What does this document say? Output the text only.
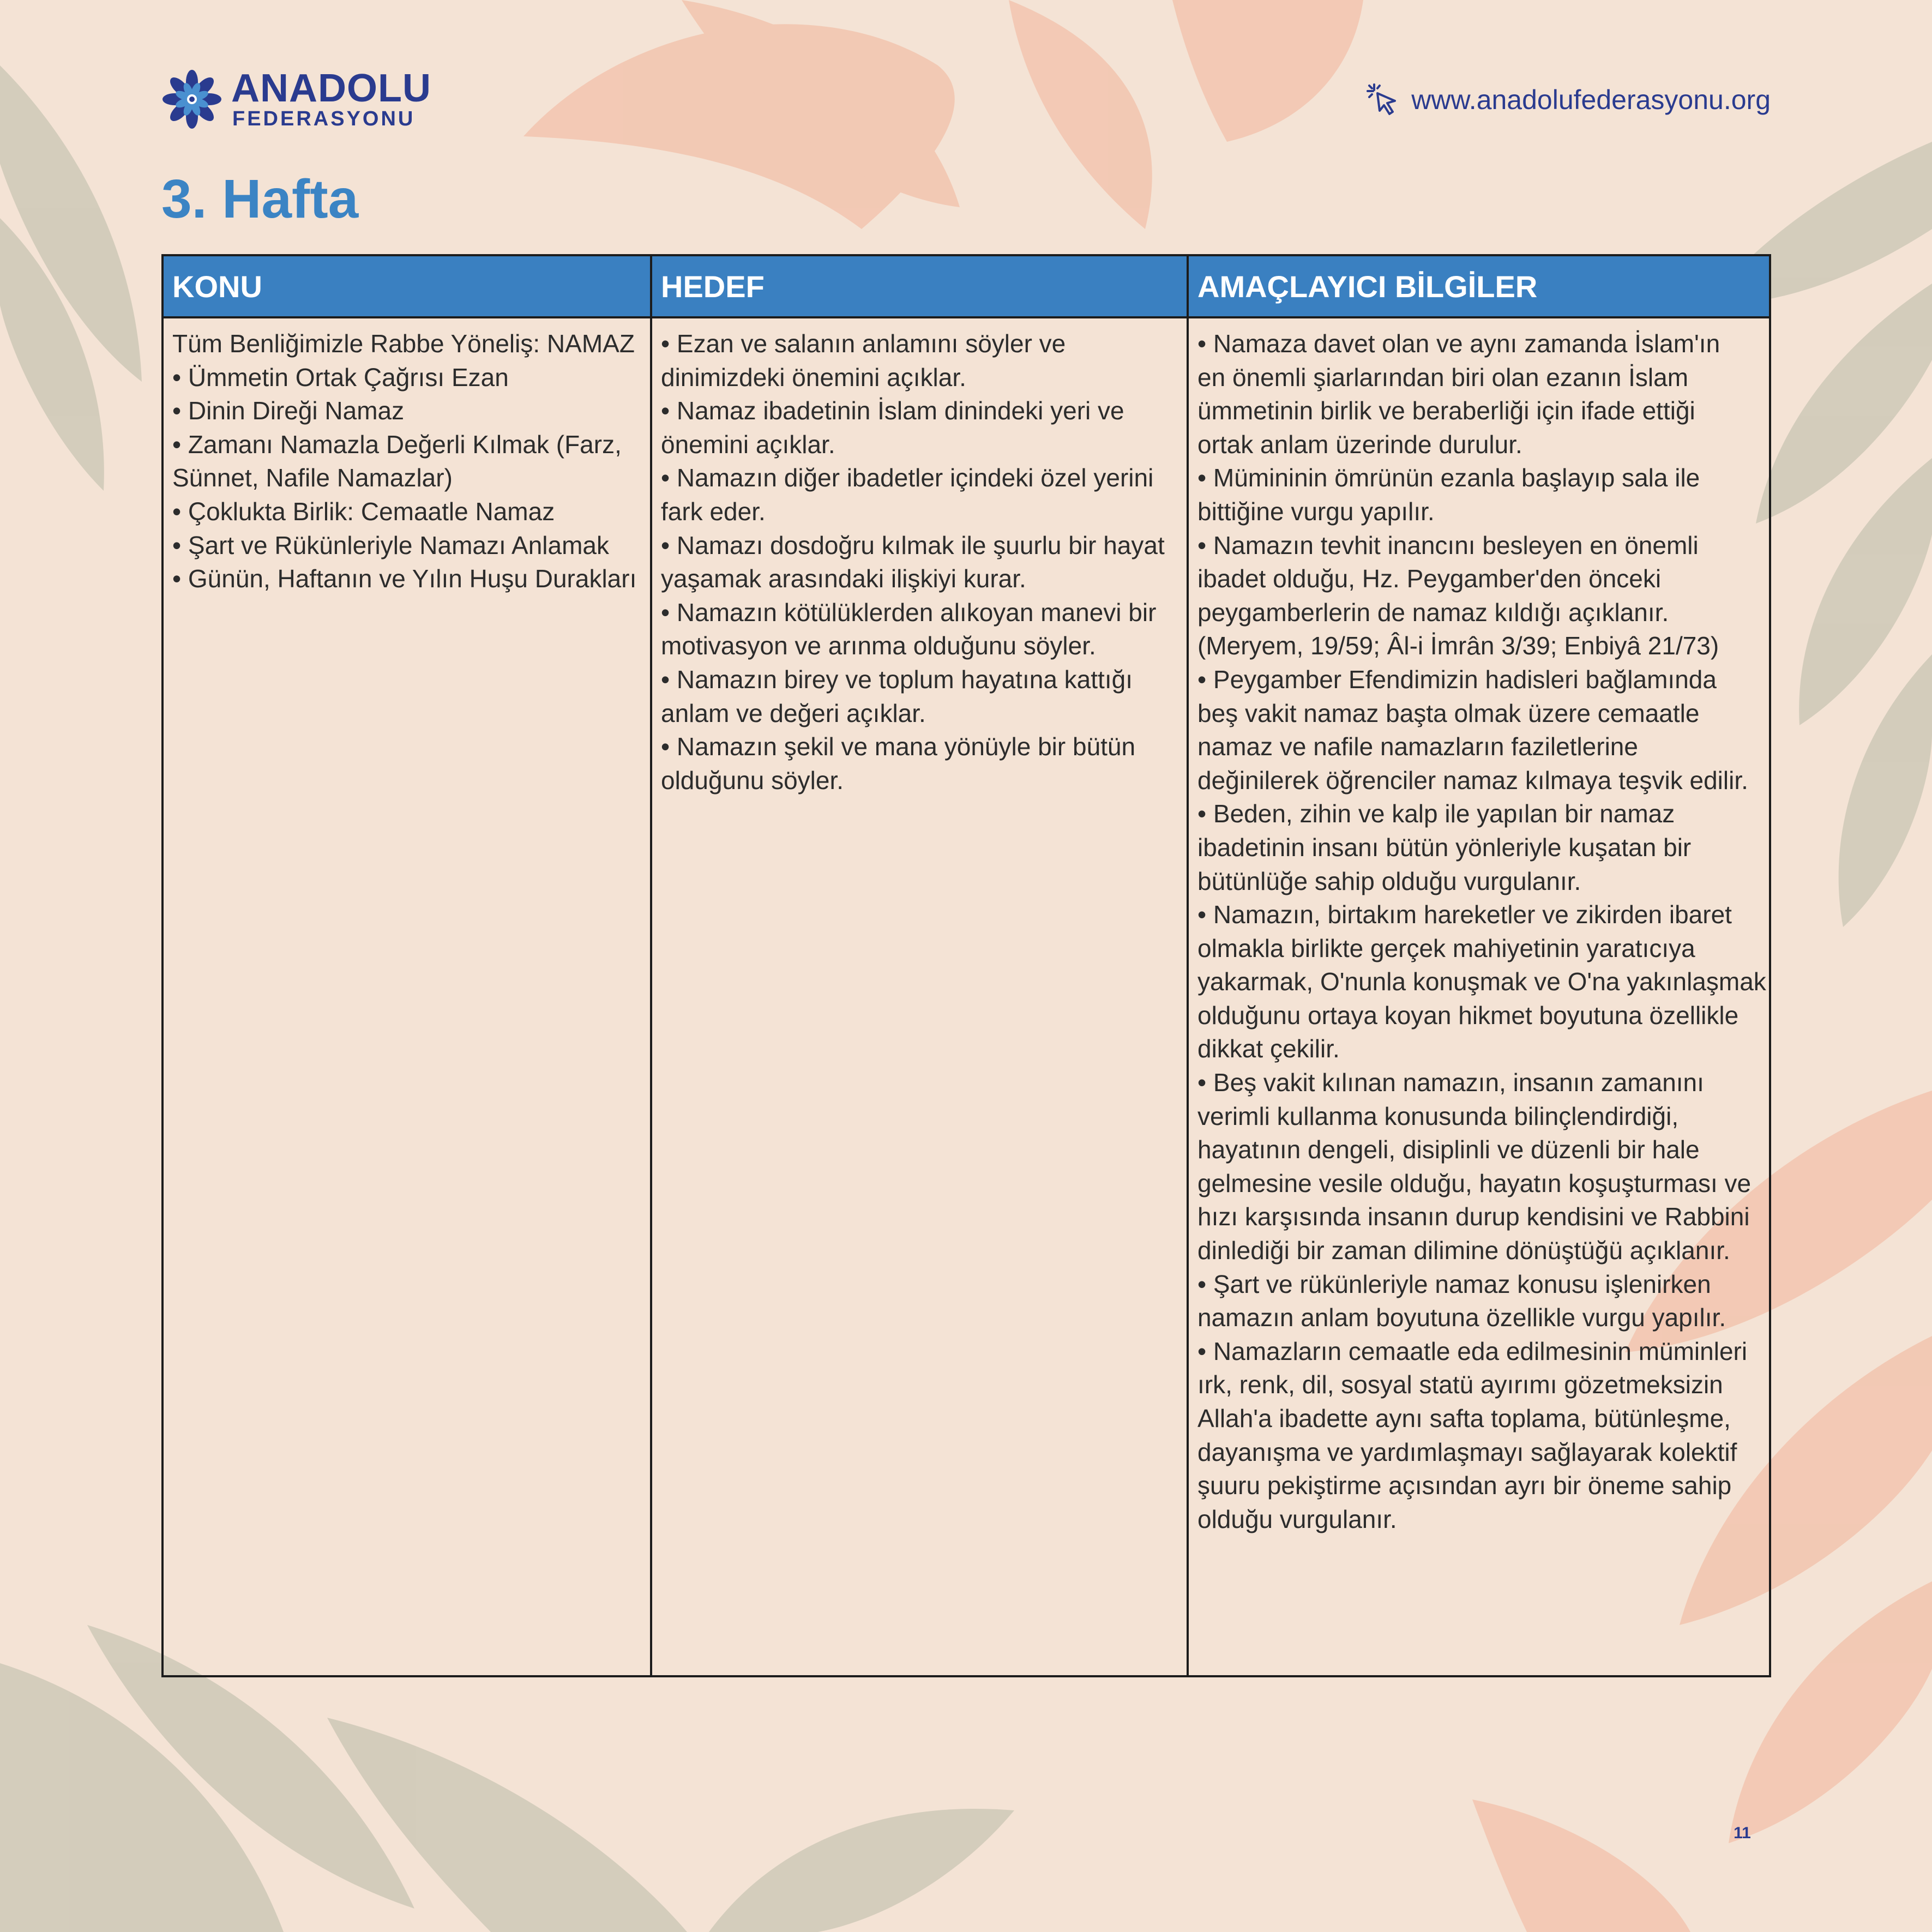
ANADOLU
FEDERASYONU
www.anadolufederasyonu.org
3. Hafta
KONU	HEDEF	AMAÇLAYICI BİLGİLER
Tüm Benliğimizle Rabbe Yöneliş: NAMAZ
• Ümmetin Ortak Çağrısı Ezan
• Dinin Direği Namaz
• Zamanı Namazla Değerli Kılmak (Farz,
Sünnet, Nafile Namazlar)
• Çoklukta Birlik: Cemaatle Namaz
• Şart ve Rükünleriyle Namazı Anlamak
• Günün, Haftanın ve Yılın Huşu Durakları
• Ezan ve salanın anlamını söyler ve
dinimizdeki önemini açıklar.
• Namaz ibadetinin İslam dinindeki yeri ve
önemini açıklar.
• Namazın diğer ibadetler içindeki özel yerini
fark eder.
• Namazı dosdoğru kılmak ile şuurlu bir hayat
yaşamak arasındaki ilişkiyi kurar.
• Namazın kötülüklerden alıkoyan manevi bir
motivasyon ve arınma olduğunu söyler.
• Namazın birey ve toplum hayatına kattığı
anlam ve değeri açıklar.
• Namazın şekil ve mana yönüyle bir bütün
olduğunu söyler.
• Namaza davet olan ve aynı zamanda İslam'ın
en önemli şiarlarından biri olan ezanın İslam
ümmetinin birlik ve beraberliği için ifade ettiği
ortak anlam üzerinde durulur.
• Mümininin ömrünün ezanla başlayıp sala ile
bittiğine vurgu yapılır.
• Namazın tevhit inancını besleyen en önemli
ibadet olduğu, Hz. Peygamber'den önceki
peygamberlerin de namaz kıldığı açıklanır.
(Meryem, 19/59; Âl-i İmrân 3/39; Enbiyâ 21/73)
• Peygamber Efendimizin hadisleri bağlamında
beş vakit namaz başta olmak üzere cemaatle
namaz ve nafile namazların faziletlerine
değinilerek öğrenciler namaz kılmaya teşvik edilir.
• Beden, zihin ve kalp ile yapılan bir namaz
ibadetinin insanı bütün yönleriyle kuşatan bir
bütünlüğe sahip olduğu vurgulanır.
• Namazın, birtakım hareketler ve zikirden ibaret
olmakla birlikte gerçek mahiyetinin yaratıcıya
yakarmak, O'nunla konuşmak ve O'na yakınlaşmak
olduğunu ortaya koyan hikmet boyutuna özellikle
dikkat çekilir.
• Beş vakit kılınan namazın, insanın zamanını
verimli kullanma konusunda bilinçlendirdiği,
hayatının dengeli, disiplinli ve düzenli bir hale
gelmesine vesile olduğu, hayatın koşuşturması ve
hızı karşısında insanın durup kendisini ve Rabbini
dinlediği bir zaman dilimine dönüştüğü açıklanır.
• Şart ve rükünleriyle namaz konusu işlenirken
namazın anlam boyutuna özellikle vurgu yapılır.
• Namazların cemaatle eda edilmesinin müminleri
ırk, renk, dil, sosyal statü ayırımı gözetmeksizin
Allah'a ibadette aynı safta toplama, bütünleşme,
dayanışma ve yardımlaşmayı sağlayarak kolektif
şuuru pekiştirme açısından ayrı bir öneme sahip
olduğu vurgulanır.
11
